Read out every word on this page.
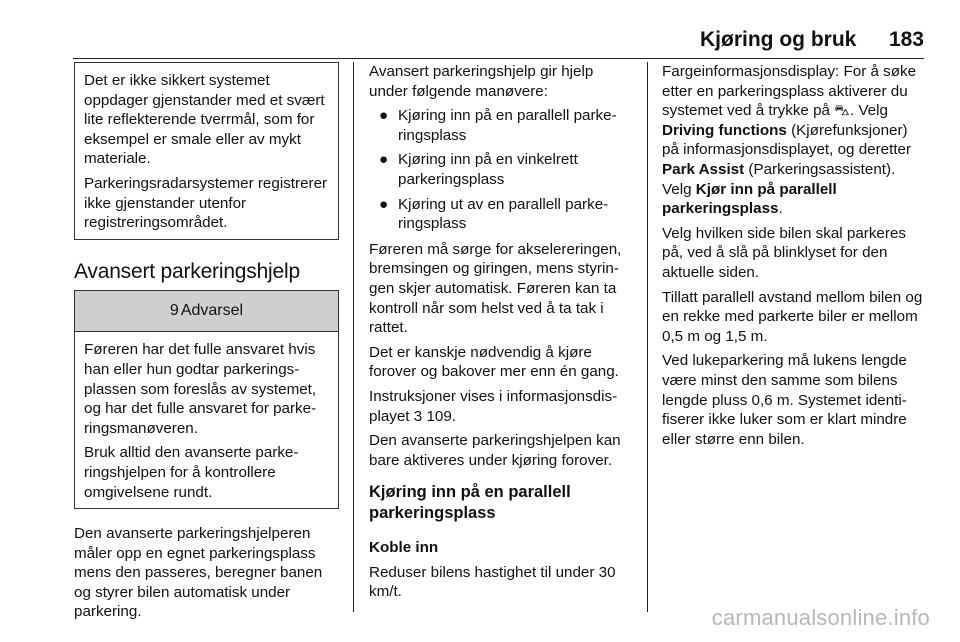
Kjøring og bruk 183

Det er ikke sikkert systemet oppdager gjenstander med et svært lite reflekterende tverrmål, som for eksempel er smale eller av mykt materiale.

Parkeringsradarsystemer registrerer ikke gjenstander utenfor registreringsområdet.

Avansert parkeringshjelp
9 Advarsel

Føreren har det fulle ansvaret hvis han eller hun godtar parkeringsplassen som foreslås av systemet, og har det fulle ansvaret for parkeringsmanøveren.

Bruk alltid den avanserte parkeringshjelpen for å kontrollere omgivelsene rundt.

Den avanserte parkeringshjelperen måler opp en egnet parkeringsplass mens den passeres, beregner banen og styrer bilen automatisk under parkering.

Avansert parkeringshjelp gir hjelp under følgende manøvere:

● Kjøring inn på en parallell parkeringsplass
● Kjøring inn på en vinkelrett parkeringsplass
● Kjøring ut av en parallell parkeringsplass

Føreren må sørge for akselereringen, bremsingen og giringen, mens styringen skjer automatisk. Føreren kan ta kontroll når som helst ved å ta tak i rattet.

Det er kanskje nødvendig å kjøre forover og bakover mer enn én gang.

Instruksjoner vises i informasjonsdisplayet 3 109.

Den avanserte parkeringshjelpen kan bare aktiveres under kjøring forover.

Kjøring inn på en parallell parkeringsplass

Koble inn

Reduser bilens hastighet til under 30 km/t.

Fargeinformasjonsdisplay: For å søke etter en parkeringsplass aktiverer du systemet ved å trykke på ⛍. Velg Driving functions (Kjørefunksjoner) på informasjonsdisplayet, og deretter Park Assist (Parkeringsassistent). Velg Kjør inn på parallell parkeringsplass.

Velg hvilken side bilen skal parkeres på, ved å slå på blinklyset for den aktuelle siden.

Tillatt parallell avstand mellom bilen og en rekke med parkerte biler er mellom 0,5 m og 1,5 m.

Ved lukeparkering må lukens lengde være minst den samme som bilens lengde pluss 0,6 m. Systemet identifiserer ikke luker som er klart mindre eller større enn bilen.

carmanualsonline.info
